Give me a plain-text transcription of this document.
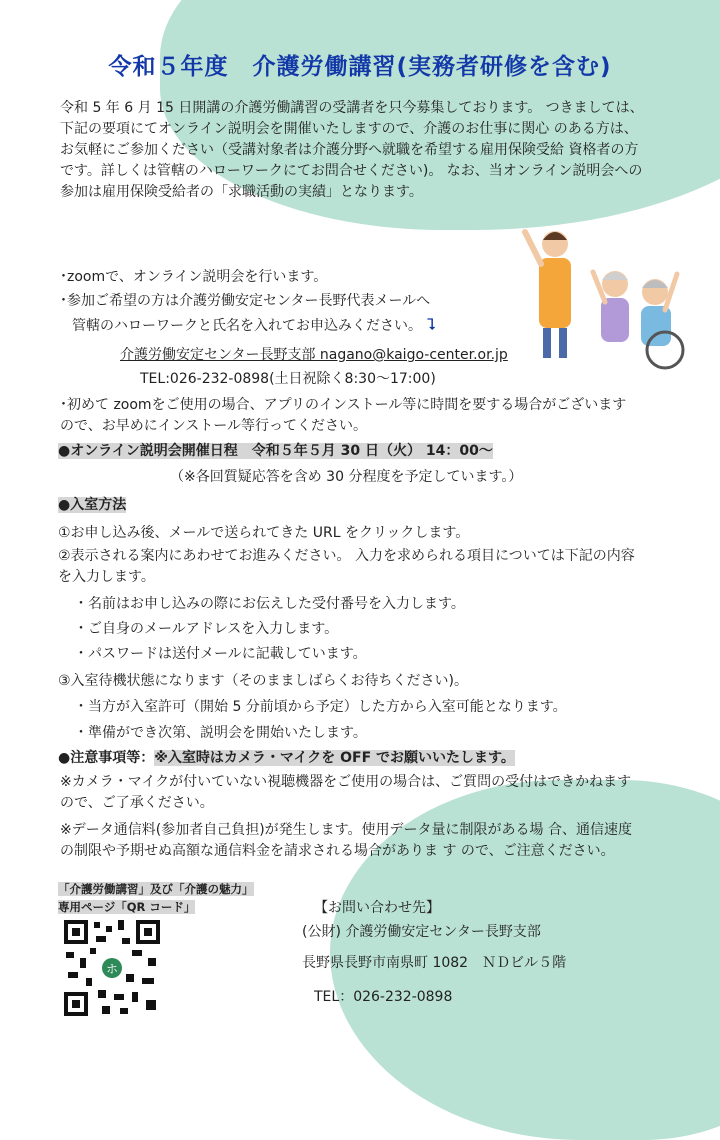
令和５年度　介護労働講習(実務者研修を含む)
令和 5 年 6 月 15 日開講の介護労働講習の受講者を只今募集しております。 つきましては、下記の要項にてオンライン説明会を開催いたしますので、介護のお仕事に関心 のある方は、お気軽にご参加ください（受講対象者は介護分野へ就職を希望する雇用保険受給 資格者の方です。詳しくは管轄のハローワークにてお問合せください)。 なお、当オンライン説明会への参加は雇用保険受給者の「求職活動の実績」となります。
･zoomで、オンライン説明会を行います。
･参加ご希望の方は介護労働安定センター長野代表メールへ
管轄のハローワークと氏名を入れてお申込みください。 ⮧
介護労働安定センター長野支部 nagano@kaigo-center.or.jp
TEL:026-232-0898(土日祝除く8:30～17:00)
･初めて zoomをご使用の場合、アプリのインストール等に時間を要する場合がございますので、お早めにインストール等行ってください。
●オンライン説明会開催日程　令和５年５月 30 日（火） 14：00～
（※各回質疑応答を含め 30 分程度を予定しています。）
●入室方法
①お申し込み後、メールで送られてきた URL をクリックします。
②表示される案内にあわせてお進みください。 入力を求められる項目については下記の内容を入力します。
・名前はお申し込みの際にお伝えした受付番号を入力します。
・ご自身のメールアドレスを入力します。
・パスワードは送付メールに記載しています。
③入室待機状態になります（そのまましばらくお待ちください)。
・当方が入室許可（開始 5 分前頃から予定）した方から入室可能となります。
・準備ができ次第、説明会を開始いたします。
●注意事項等：※入室時はカメラ・マイクを OFF でお願いいたします。
※カメラ・マイクが付いていない視聴機器をご使用の場合は、ご質問の受付はできかねますので、ご了承ください。
※データ通信料(参加者自己負担)が発生します。使用データ量に制限がある場 合、通信速度の制限や予期せぬ高額な通信料金を請求される場合がありま す ので、ご注意ください。
「介護労働講習」及び「介護の魅力」
専用ページ「QR コード」
ホ
【お問い合わせ先】
(公財) 介護労働安定センター長野支部
長野県長野市南県町 1082　ＮＤビル５階
TEL：026-232-0898
